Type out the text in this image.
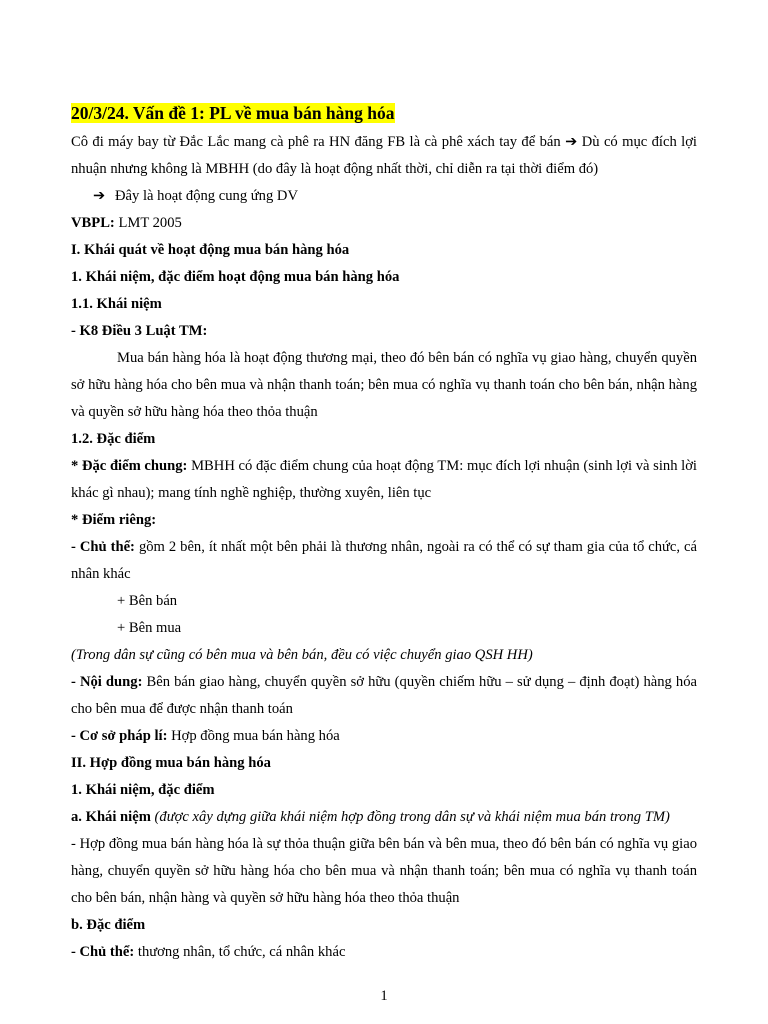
20/3/24. Vấn đề 1: PL về mua bán hàng hóa

Cô đi máy bay từ Đắc Lắc mang cà phê ra HN đăng FB là cà phê xách tay để bán ➔ Dù có mục đích lợi nhuận nhưng không là MBHH (do đây là hoạt động nhất thời, chỉ diễn ra tại thời điểm đó)

➔ Đây là hoạt động cung ứng DV

VBPL: LMT 2005

I. Khái quát về hoạt động mua bán hàng hóa

1. Khái niệm, đặc điểm hoạt động mua bán hàng hóa

1.1. Khái niệm

- K8 Điều 3 Luật TM:

Mua bán hàng hóa là hoạt động thương mại, theo đó bên bán có nghĩa vụ giao hàng, chuyển quyền sở hữu hàng hóa cho bên mua và nhận thanh toán; bên mua có nghĩa vụ thanh toán cho bên bán, nhận hàng và quyền sở hữu hàng hóa theo thỏa thuận

1.2. Đặc điểm

* Đặc điểm chung: MBHH có đặc điểm chung của hoạt động TM: mục đích lợi nhuận (sinh lợi và sinh lời khác gì nhau); mang tính nghề nghiệp, thường xuyên, liên tục

* Điểm riêng:

- Chủ thể: gồm 2 bên, ít nhất một bên phải là thương nhân, ngoài ra có thể có sự tham gia của tổ chức, cá nhân khác

+ Bên bán

+ Bên mua

(Trong dân sự cũng có bên mua và bên bán, đều có việc chuyển giao QSH HH)

- Nội dung: Bên bán giao hàng, chuyển quyền sở hữu (quyền chiếm hữu – sử dụng – định đoạt) hàng hóa cho bên mua để được nhận thanh toán

- Cơ sở pháp lí: Hợp đồng mua bán hàng hóa

II. Hợp đồng mua bán hàng hóa

1. Khái niệm, đặc điểm

a. Khái niệm (được xây dựng giữa khái niệm hợp đồng trong dân sự và khái niệm mua bán trong TM)

- Hợp đồng mua bán hàng hóa là sự thỏa thuận giữa bên bán và bên mua, theo đó bên bán có nghĩa vụ giao hàng, chuyển quyền sở hữu hàng hóa cho bên mua và nhận thanh toán; bên mua có nghĩa vụ thanh toán cho bên bán, nhận hàng và quyền sở hữu hàng hóa theo thỏa thuận

b. Đặc điểm

- Chủ thể: thương nhân, tổ chức, cá nhân khác

1
